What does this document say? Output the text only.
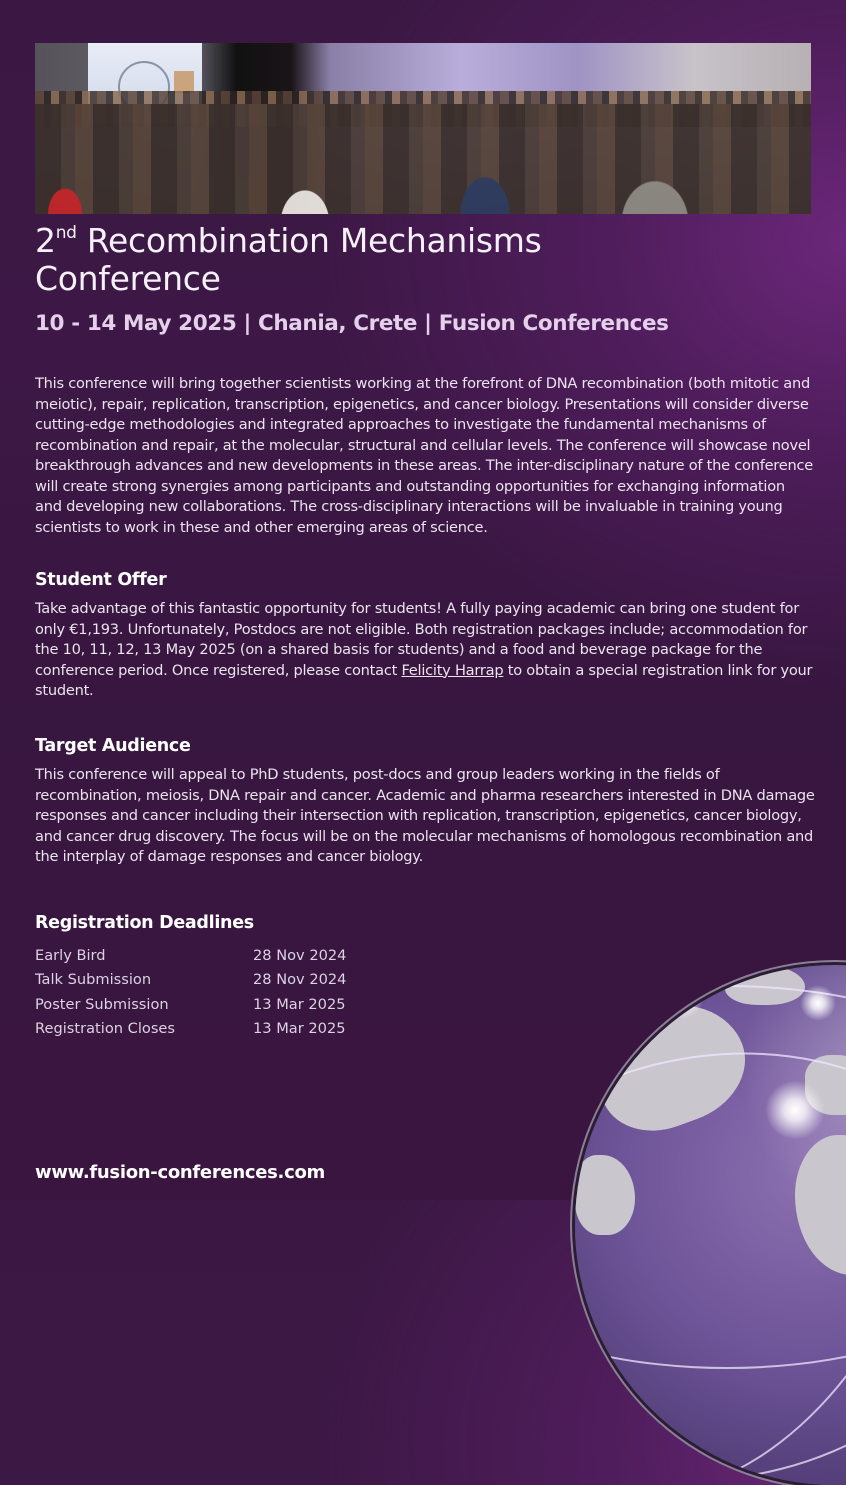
2nd Recombination Mechanisms
Conference

10 - 14 May 2025 | Chania, Crete | Fusion Conferences

This conference will bring together scientists working at the forefront of DNA recombination (both mitotic and meiotic), repair, replication, transcription, epigenetics, and cancer biology. Presentations will consider diverse cutting-edge methodologies and integrated approaches to investigate the fundamental mechanisms of recombination and repair, at the molecular, structural and cellular levels. The conference will showcase novel breakthrough advances and new developments in these areas. The inter-disciplinary nature of the conference will create strong synergies among participants and outstanding opportunities for exchanging information and developing new collaborations. The cross-disciplinary interactions will be invaluable in training young scientists to work in these and other emerging areas of science.

Student Offer

Take advantage of this fantastic opportunity for students! A fully paying academic can bring one student for only €1,193. Unfortunately, Postdocs are not eligible. Both registration packages include; accommodation for the 10, 11, 12, 13 May 2025 (on a shared basis for students) and a food and beverage package for the conference period. Once registered, please contact Felicity Harrap to obtain a special registration link for your student.

Target Audience

This conference will appeal to PhD students, post-docs and group leaders working in the fields of recombination, meiosis, DNA repair and cancer. Academic and pharma researchers interested in DNA damage responses and cancer including their intersection with replication, transcription, epigenetics, cancer biology, and cancer drug discovery. The focus will be on the molecular mechanisms of homologous recombination and the interplay of damage responses and cancer biology.

Registration Deadlines
Early Bird	28 Nov 2024
Talk Submission	28 Nov 2024
Poster Submission	13 Mar 2025
Registration Closes	13 Mar 2025
www.fusion-conferences.com
